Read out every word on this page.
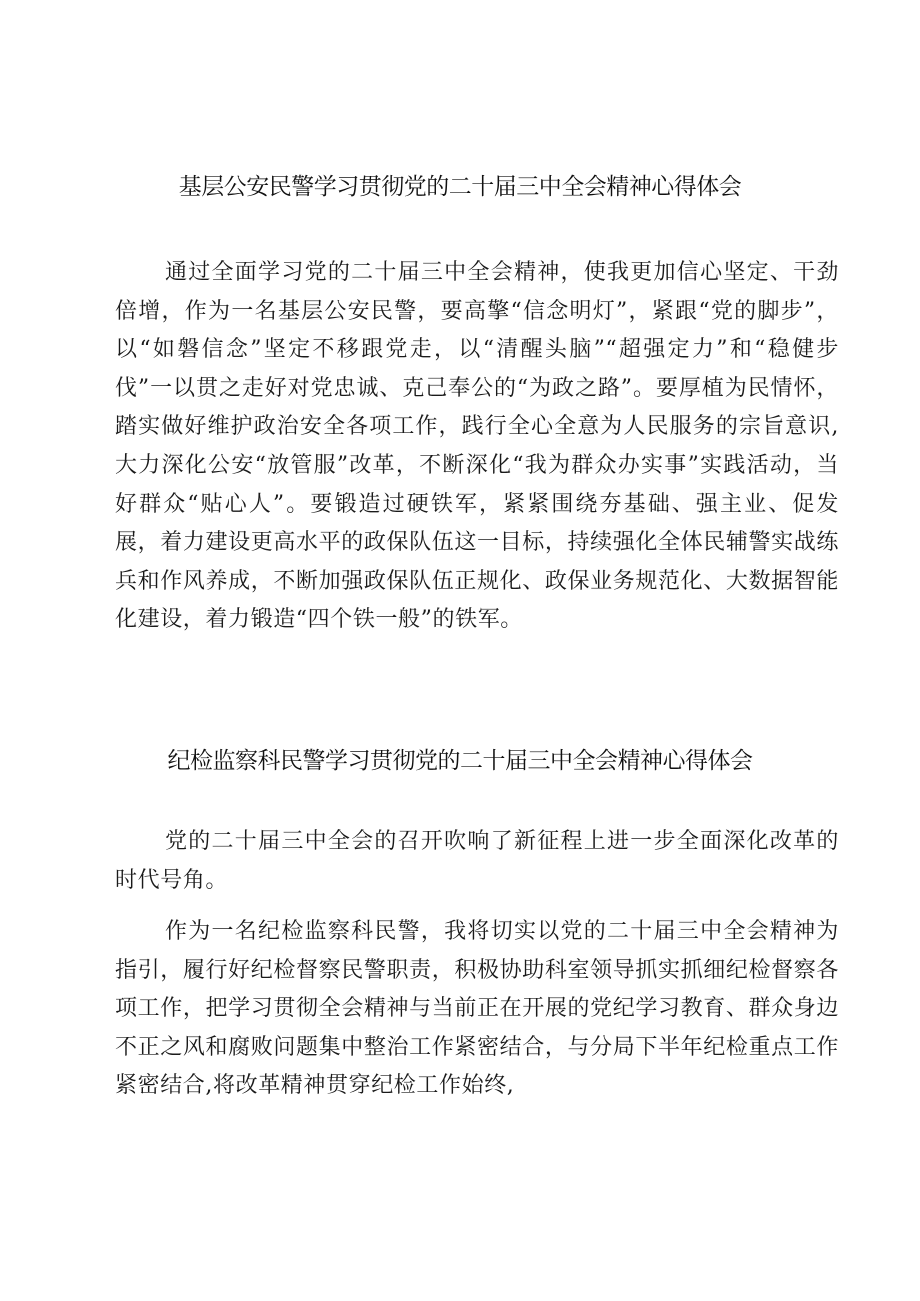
基层公安民警学习贯彻党的二十届三中全会精神心得体会

通过全面学习党的二十届三中全会精神，使我更加信心坚定、干劲倍增，作为一名基层公安民警，要高擎“信念明灯”，紧跟“党的脚步”，以“如磐信念”坚定不移跟党走，以“清醒头脑”“超强定力”和“稳健步伐”一以贯之走好对党忠诚、克己奉公的“为政之路”。要厚植为民情怀，踏实做好维护政治安全各项工作，践行全心全意为人民服务的宗旨意识,大力深化公安“放管服”改革，不断深化“我为群众办实事”实践活动，当好群众“贴心人”。要锻造过硬铁军，紧紧围绕夯基础、强主业、促发展，着力建设更高水平的政保队伍这一目标，持续强化全体民辅警实战练兵和作风养成，不断加强政保队伍正规化、政保业务规范化、大数据智能化建设，着力锻造“四个铁一般”的铁军。

纪检监察科民警学习贯彻党的二十届三中全会精神心得体会

党的二十届三中全会的召开吹响了新征程上进一步全面深化改革的时代号角。

作为一名纪检监察科民警，我将切实以党的二十届三中全会精神为指引，履行好纪检督察民警职责，积极协助科室领导抓实抓细纪检督察各项工作，把学习贯彻全会精神与当前正在开展的党纪学习教育、群众身边不正之风和腐败问题集中整治工作紧密结合，与分局下半年纪检重点工作紧密结合,将改革精神贯穿纪检工作始终,
